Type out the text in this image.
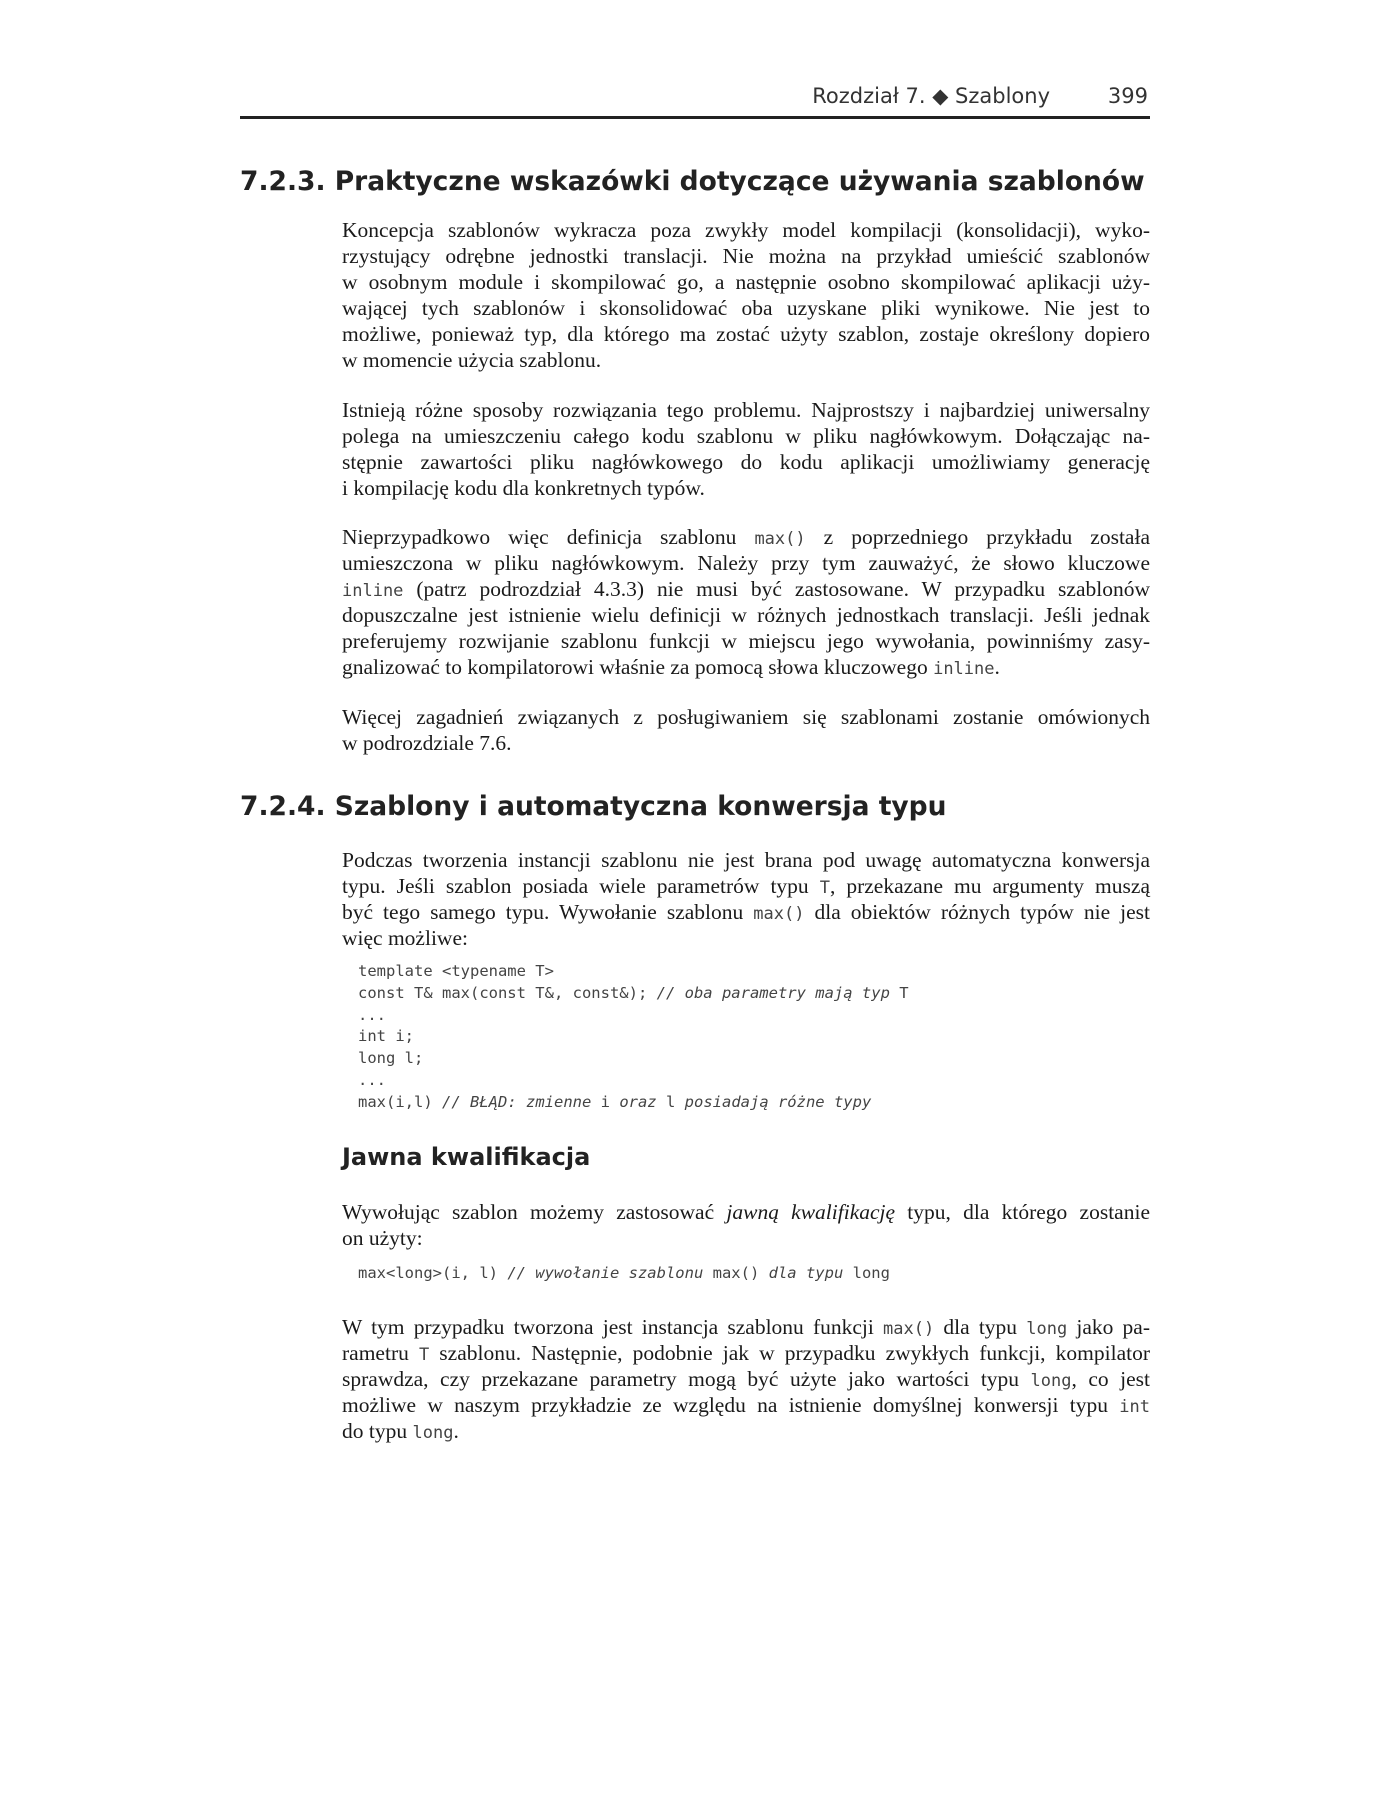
Rozdział 7. ◆ Szablony	399
7.2.3. Praktyczne wskazówki dotyczące używania szablonów
Koncepcja szablonów wykracza poza zwykły model kompilacji (konsolidacji), wyko-
rzystujący odrębne jednostki translacji. Nie można na przykład umieścić szablonów
w osobnym module i skompilować go, a następnie osobno skompilować aplikacji uży-
wającej tych szablonów i skonsolidować oba uzyskane pliki wynikowe. Nie jest to
możliwe, ponieważ typ, dla którego ma zostać użyty szablon, zostaje określony dopiero
w momencie użycia szablonu.
Istnieją różne sposoby rozwiązania tego problemu. Najprostszy i najbardziej uniwersalny
polega na umieszczeniu całego kodu szablonu w pliku nagłówkowym. Dołączając na-
stępnie zawartości pliku nagłówkowego do kodu aplikacji umożliwiamy generację
i kompilację kodu dla konkretnych typów.
Nieprzypadkowo więc definicja szablonu max() z poprzedniego przykładu została
umieszczona w pliku nagłówkowym. Należy przy tym zauważyć, że słowo kluczowe
inline (patrz podrozdział 4.3.3) nie musi być zastosowane. W przypadku szablonów
dopuszczalne jest istnienie wielu definicji w różnych jednostkach translacji. Jeśli jednak
preferujemy rozwijanie szablonu funkcji w miejscu jego wywołania, powinniśmy zasy-
gnalizować to kompilatorowi właśnie za pomocą słowa kluczowego inline.
Więcej zagadnień związanych z posługiwaniem się szablonami zostanie omówionych
w podrozdziale 7.6.
7.2.4. Szablony i automatyczna konwersja typu
Podczas tworzenia instancji szablonu nie jest brana pod uwagę automatyczna konwersja
typu. Jeśli szablon posiada wiele parametrów typu T, przekazane mu argumenty muszą
być tego samego typu. Wywołanie szablonu max() dla obiektów różnych typów nie jest
więc możliwe:
template <typename T>
const T& max(const T&, const&); // oba parametry mają typ T
...
int i;
long l;
...
max(i,l) // BŁĄD: zmienne i oraz l posiadają różne typy
Jawna kwalifikacja
Wywołując szablon możemy zastosować jawną kwalifikację typu, dla którego zostanie
on użyty:
max<long>(i, l) // wywołanie szablonu max() dla typu long
W tym przypadku tworzona jest instancja szablonu funkcji max() dla typu long jako pa-
rametru T szablonu. Następnie, podobnie jak w przypadku zwykłych funkcji, kompilator
sprawdza, czy przekazane parametry mogą być użyte jako wartości typu long, co jest
możliwe w naszym przykładzie ze względu na istnienie domyślnej konwersji typu int
do typu long.
